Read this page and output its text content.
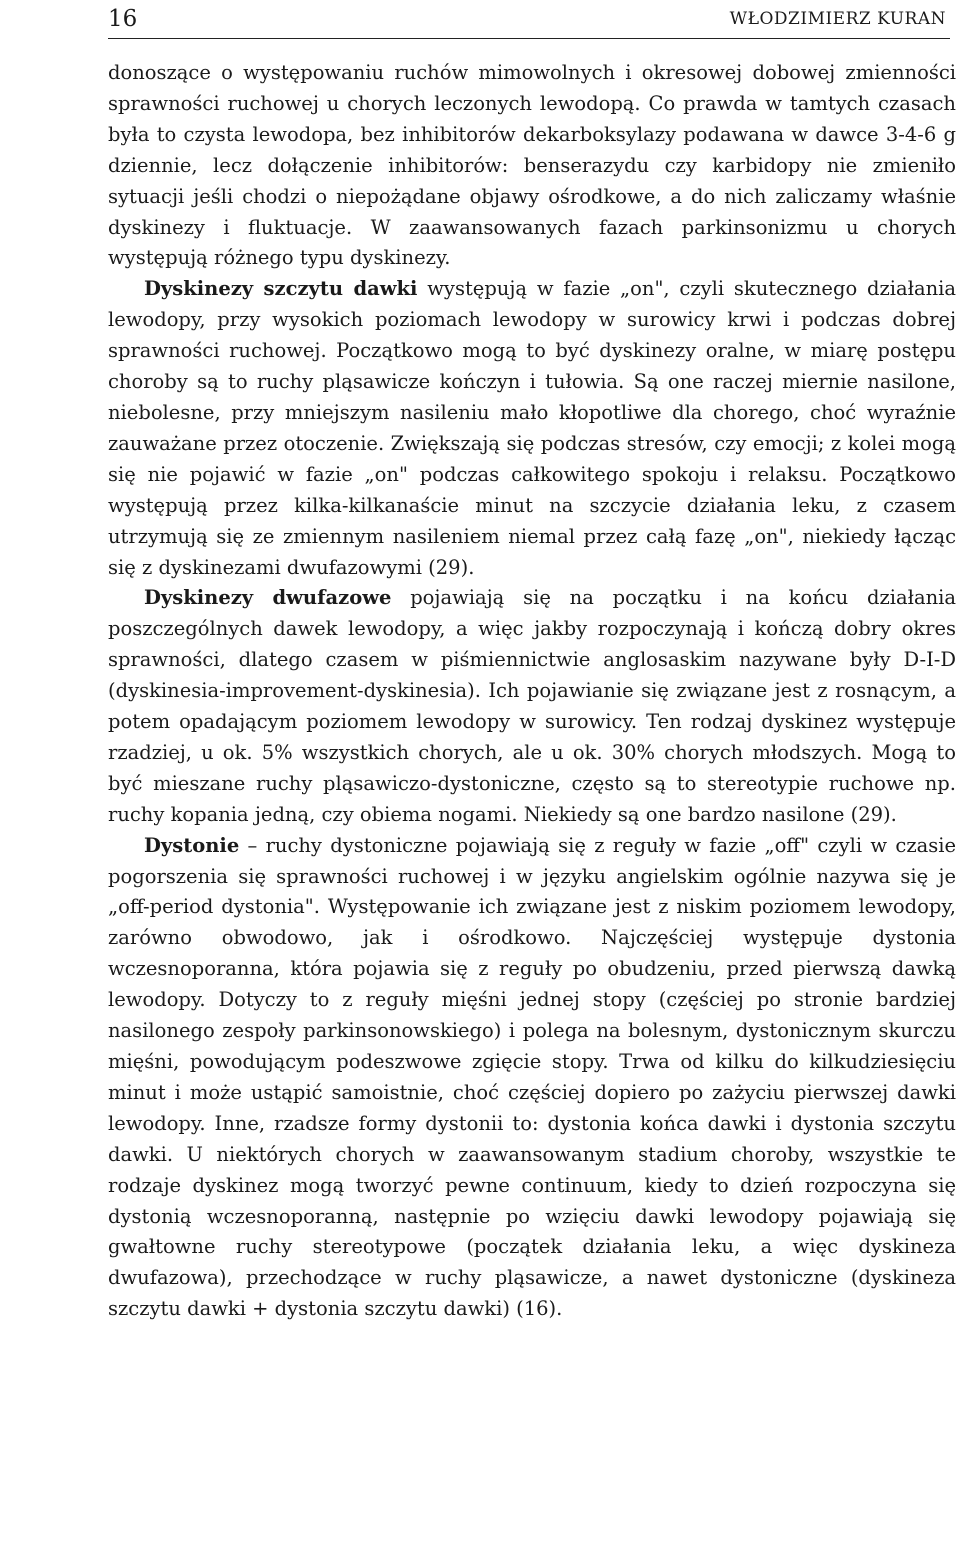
16	WŁODZIMIERZ KURAN

donoszące o występowaniu ruchów mimowolnych i okresowej dobowej zmienności sprawności ruchowej u chorych leczonych lewodopą. Co prawda w tamtych czasach była to czysta lewodopa, bez inhibitorów dekarboksylazy podawana w dawce 3-4-6 g dziennie, lecz dołączenie inhibitorów: benserazydu czy karbidopy nie zmieniło sytuacji jeśli chodzi o niepożądane objawy ośrodkowe, a do nich zaliczamy właśnie dyskinezy i fluktuacje. W zaawansowanych fazach parkinsonizmu u chorych występują różnego typu dyskinezy.

Dyskinezy szczytu dawki występują w fazie „on", czyli skutecznego działania lewodopy, przy wysokich poziomach lewodopy w surowicy krwi i podczas dobrej sprawności ruchowej. Początkowo mogą to być dyskinezy oralne, w miarę postępu choroby są to ruchy pląsawicze kończyn i tułowia. Są one raczej miernie nasilone, niebolesne, przy mniejszym nasileniu mało kłopotliwe dla chorego, choć wyraźnie zauważane przez otoczenie. Zwiększają się podczas stresów, czy emocji; z kolei mogą się nie pojawić w fazie „on" podczas całkowitego spokoju i relaksu. Początkowo występują przez kilka-kilkanaście minut na szczycie działania leku, z czasem utrzymują się ze zmiennym nasileniem niemal przez całą fazę „on", niekiedy łącząc się z dyskinezami dwufazowymi (29).

Dyskinezy dwufazowe pojawiają się na początku i na końcu działania poszczególnych dawek lewodopy, a więc jakby rozpoczynają i kończą dobry okres sprawności, dlatego czasem w piśmiennictwie anglosaskim nazywane były D-I-D (dyskinesia-improvement-dyskinesia). Ich pojawianie się związane jest z rosnącym, a potem opadającym poziomem lewodopy w surowicy. Ten rodzaj dyskinez występuje rzadziej, u ok. 5% wszystkich chorych, ale u ok. 30% chorych młodszych. Mogą to być mieszane ruchy pląsawiczo-dystoniczne, często są to stereotypie ruchowe np. ruchy kopania jedną, czy obiema nogami. Niekiedy są one bardzo nasilone (29).

Dystonie – ruchy dystoniczne pojawiają się z reguły w fazie „off" czyli w czasie pogorszenia się sprawności ruchowej i w języku angielskim ogólnie nazywa się je „off-period dystonia". Występowanie ich związane jest z niskim poziomem lewodopy, zarówno obwodowo, jak i ośrodkowo. Najczęściej występuje dystonia wczesnoporanna, która pojawia się z reguły po obudzeniu, przed pierwszą dawką lewodopy. Dotyczy to z reguły mięśni jednej stopy (częściej po stronie bardziej nasilonego zespoły parkinsonowskiego) i polega na bolesnym, dystonicznym skurczu mięśni, powodującym podeszwowe zgięcie stopy. Trwa od kilku do kilkudziesięciu minut i może ustąpić samoistnie, choć częściej dopiero po zażyciu pierwszej dawki lewodopy. Inne, rzadsze formy dystonii to: dystonia końca dawki i dystonia szczytu dawki. U niektórych chorych w zaawansowanym stadium choroby, wszystkie te rodzaje dyskinez mogą tworzyć pewne continuum, kiedy to dzień rozpoczyna się dystonią wczesnoporanną, następnie po wzięciu dawki lewodopy pojawiają się gwałtowne ruchy stereotypowe (początek działania leku, a więc dyskineza dwufazowa), przechodzące w ruchy pląsawicze, a nawet dystoniczne (dyskineza szczytu dawki + dystonia szczytu dawki) (16).
